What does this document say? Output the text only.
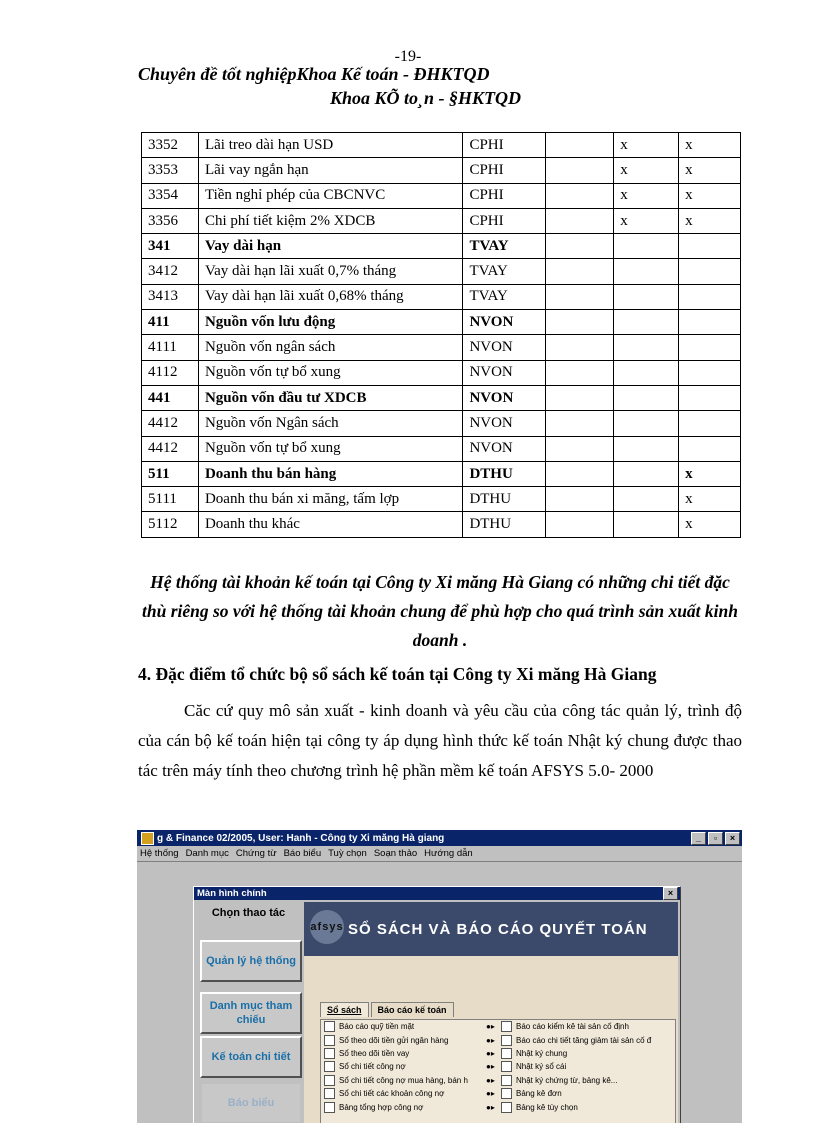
-19-
Chuyên đề tốt nghiệpKhoa Kế toán - ĐHKTQD
Khoa KÕ to¸n - §HKTQD
3352	Lãi treo dài hạn USD	CPHI		x	x
3353	Lãi vay ngắn hạn	CPHI		x	x
3354	Tiền nghỉ phép của CBCNVC	CPHI		x	x
3356	Chi phí tiết kiệm 2% XDCB	CPHI		x	x
341	Vay dài hạn	TVAY			
3412	Vay dài hạn lãi xuất 0,7% tháng	TVAY			
3413	Vay dài hạn lãi xuất 0,68% tháng	TVAY			
411	Nguồn vốn lưu động	NVON			
4111	Nguồn vốn ngân sách	NVON			
4112	Nguồn vốn tự bổ xung	NVON			
441	Nguồn vốn đầu tư XDCB	NVON			
4412	Nguồn vốn Ngân sách	NVON			
4412	Nguồn vốn tự bổ xung	NVON			
511	Doanh thu bán hàng	DTHU			x
5111	Doanh thu bán xi măng, tấm lợp	DTHU			x
5112	Doanh thu khác	DTHU			x
Hệ thống tài khoản kế toán tại Công ty Xi măng Hà Giang có những chi tiết đặc thù riêng so với hệ thống tài khoản chung để phù hợp cho quá trình sản xuất kinh doanh .
4. Đặc điểm tổ chức bộ sổ sách kế toán tại Công ty Xi măng Hà Giang
Căc cứ quy mô sản xuất - kinh doanh và yêu cầu của công tác quản lý, trình độ của cán bộ kế toán hiện tại công ty áp dụng hình thức kế toán Nhật ký chung được thao tác trên máy tính theo chương trình hệ phần mềm kế toán AFSYS 5.0- 2000
g & Finance 02/2005, User: Hanh - Công ty Xi măng Hà giang	_	▫	×
Hệ thống Danh mục Chứng từ Báo biểu Tuỳ chọn Soạn thảo Hướng dẫn
Màn hình chính	×
Chọn thao tác
Quản lý hệ thống
Danh mục tham chiếu
Kế toán chi tiết
Báo biểu
afsys SỔ SÁCH VÀ BÁO CÁO QUYẾT TOÁN
Sổ sách	Báo cáo kế toán
Báo cáo quỹ tiền mặt	●▸
Sổ theo dõi tiền gửi ngân hàng	●▸
Sổ theo dõi tiền vay	●▸
Sổ chi tiết công nợ	●▸
Sổ chi tiết công nợ mua hàng, bán h	●▸
Sổ chi tiết các khoản công nợ	●▸
Bảng tổng hợp công nợ	●▸
Báo cáo kiểm kê tài sản cố định
Báo cáo chi tiết tăng giảm tài sản cố đ
Nhật ký chung
Nhật ký sổ cái
Nhật ký chứng từ, bảng kê...
Bảng kê đơn
Bảng kê tùy chọn
